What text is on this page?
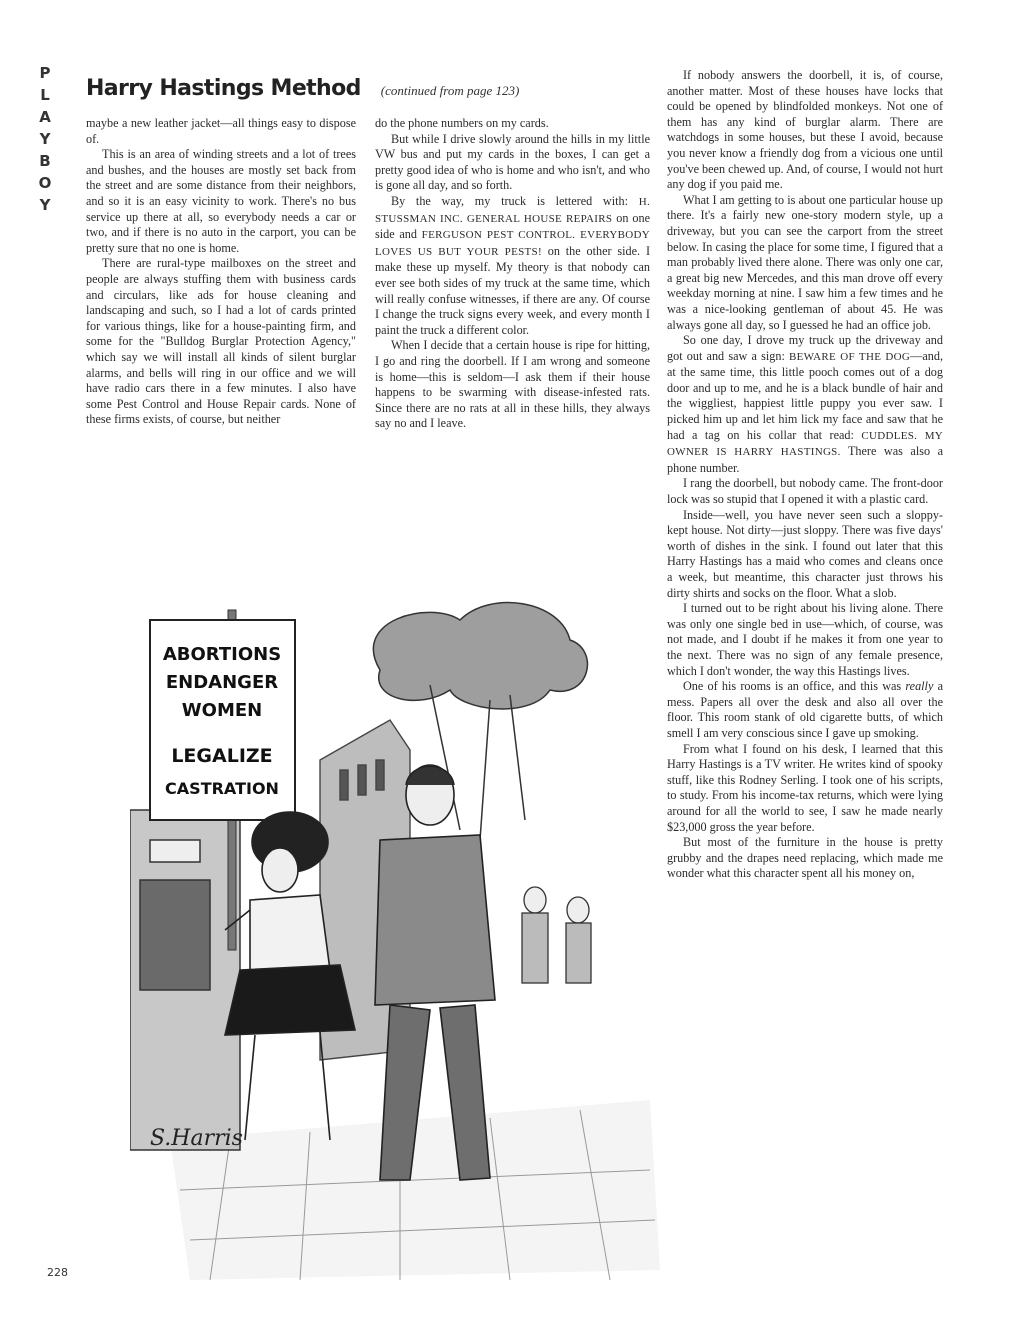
P
L
A
Y
B
O
Y
Harry Hastings Method (continued from page 123)

maybe a new leather jacket—all things easy to dispose of.

This is an area of winding streets and a lot of trees and bushes, and the houses are mostly set back from the street and are some distance from their neighbors, and so it is an easy vicinity to work. There's no bus service up there at all, so everybody needs a car or two, and if there is no auto in the carport, you can be pretty sure that no one is home.

There are rural-type mailboxes on the street and people are always stuffing them with business cards and circulars, like ads for house cleaning and landscaping and such, so I had a lot of cards printed for various things, like for a house-painting firm, and some for the "Bulldog Burglar Protection Agency," which say we will install all kinds of silent burglar alarms, and bells will ring in our office and we will have radio cars there in a few minutes. I also have some Pest Control and House Repair cards. None of these firms exists, of course, but neither

do the phone numbers on my cards.

But while I drive slowly around the hills in my little VW bus and put my cards in the boxes, I can get a pretty good idea of who is home and who isn't, and who is gone all day, and so forth.

By the way, my truck is lettered with: H. STUSSMAN INC. GENERAL HOUSE REPAIRS on one side and FERGUSON PEST CONTROL. EVERYBODY LOVES US BUT YOUR PESTS! on the other side. I make these up myself. My theory is that nobody can ever see both sides of my truck at the same time, which will really confuse witnesses, if there are any. Of course I change the truck signs every week, and every month I paint the truck a different color.

When I decide that a certain house is ripe for hitting, I go and ring the doorbell. If I am wrong and someone is home—this is seldom—I ask them if their house happens to be swarming with disease-infested rats. Since there are no rats at all in these hills, they always say no and I leave.

If nobody answers the doorbell, it is, of course, another matter. Most of these houses have locks that could be opened by blindfolded monkeys. Not one of them has any kind of burglar alarm. There are watchdogs in some houses, but these I avoid, because you never know a friendly dog from a vicious one until you've been chewed up. And, of course, I would not hurt any dog if you paid me.

What I am getting to is about one particular house up there. It's a fairly new one-story modern style, up a driveway, but you can see the carport from the street below. In casing the place for some time, I figured that a man probably lived there alone. There was only one car, a great big new Mercedes, and this man drove off every weekday morning at nine. I saw him a few times and he was a nice-looking gentleman of about 45. He was always gone all day, so I guessed he had an office job.

So one day, I drove my truck up the driveway and got out and saw a sign: BEWARE OF THE DOG—and, at the same time, this little pooch comes out of a dog door and up to me, and he is a black bundle of hair and the wiggliest, happiest little puppy you ever saw. I picked him up and let him lick my face and saw that he had a tag on his collar that read: CUDDLES. MY OWNER IS HARRY HASTINGS. There was also a phone number.

I rang the doorbell, but nobody came. The front-door lock was so stupid that I opened it with a plastic card.

Inside—well, you have never seen such a sloppy-kept house. Not dirty—just sloppy. There was five days' worth of dishes in the sink. I found out later that this Harry Hastings has a maid who comes and cleans once a week, but meantime, this character just throws his dirty shirts and socks on the floor. What a slob.

I turned out to be right about his living alone. There was only one single bed in use—which, of course, was not made, and I doubt if he makes it from one year to the next. There was no sign of any female presence, which I don't wonder, the way this Hastings lives.

One of his rooms is an office, and this was really a mess. Papers all over the desk and also all over the floor. This room stank of old cigarette butts, of which smell I am very conscious since I gave up smoking.

From what I found on his desk, I learned that this Harry Hastings is a TV writer. He writes kind of spooky stuff, like this Rodney Serling. I took one of his scripts, to study. From his income-tax returns, which were lying around for all the world to see, I saw he made nearly $23,000 gross the year before.

But most of the furniture in the house is pretty grubby and the drapes need replacing, which made me wonder what this character spent all his money on,

ABORTIONS
ENDANGER
WOMEN
LEGALIZE
CASTRATION
S.Harris
228
